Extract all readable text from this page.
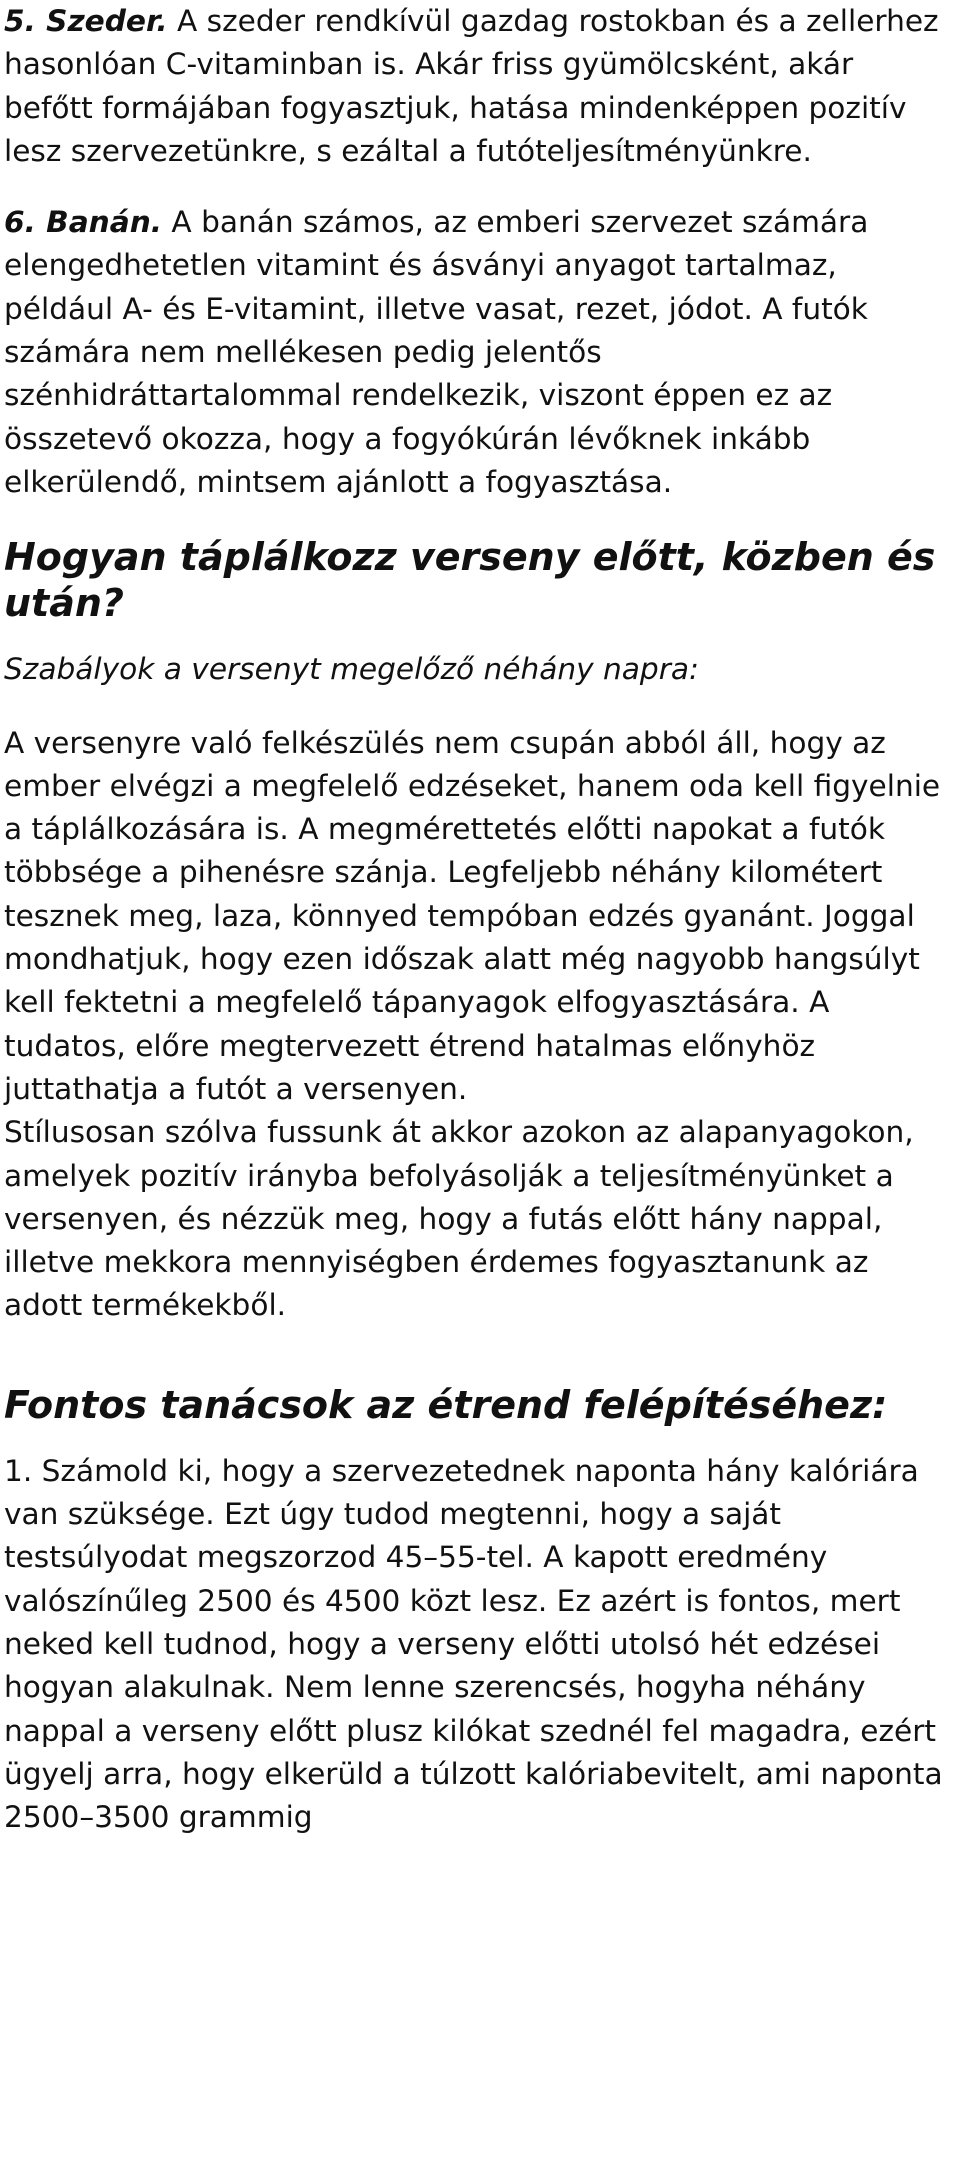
5. Szeder. A szeder rendkívül gazdag rostokban és a zellerhez hasonlóan C-vitaminban is. Akár friss gyümölcsként, akár befőtt formájában fogyasztjuk, hatása mindenképpen pozitív lesz szervezetünkre, s ezáltal a futóteljesítményünkre.

6. Banán. A banán számos, az emberi szervezet számára elengedhetetlen vitamint és ásványi anyagot tartalmaz, például A- és E-vitamint, illetve vasat, rezet, jódot. A futók számára nem mellékesen pedig jelentős szénhidráttartalommal rendelkezik, viszont éppen ez az összetevő okozza, hogy a fogyókúrán lévőknek inkább elkerülendő, mintsem ajánlott a fogyasztása.

Hogyan táplálkozz verseny előtt, közben és után?

Szabályok a versenyt megelőző néhány napra:

A versenyre való felkészülés nem csupán abból áll, hogy az ember elvégzi a megfelelő edzéseket, hanem oda kell figyelnie a táplálkozására is. A megmérettetés előtti napokat a futók többsége a pihenésre szánja. Legfeljebb néhány kilométert tesznek meg, laza, könnyed tempóban edzés gyanánt. Joggal mondhatjuk, hogy ezen időszak alatt még nagyobb hangsúlyt kell fektetni a megfelelő tápanyagok elfogyasztására. A tudatos, előre megtervezett étrend hatalmas előnyhöz juttathatja a futót a versenyen.

Stílusosan szólva fussunk át akkor azokon az alapanyagokon, amelyek pozitív irányba befolyásolják a teljesítményünket a versenyen, és nézzük meg, hogy a futás előtt hány nappal, illetve mekkora mennyiségben érdemes fogyasztanunk az adott termékekből.

Fontos tanácsok az étrend felépítéséhez:

1. Számold ki, hogy a szervezetednek naponta hány kalóriára van szüksége. Ezt úgy tudod megtenni, hogy a saját testsúlyodat megszorzod 45–55-tel. A kapott eredmény valószínűleg 2500 és 4500 közt lesz. Ez azért is fontos, mert neked kell tudnod, hogy a verseny előtti utolsó hét edzései hogyan alakulnak. Nem lenne szerencsés, hogyha néhány nappal a verseny előtt plusz kilókat szednél fel magadra, ezért ügyelj arra, hogy elkerüld a túlzott kalóriabevitelt, ami naponta 2500–3500 grammig
